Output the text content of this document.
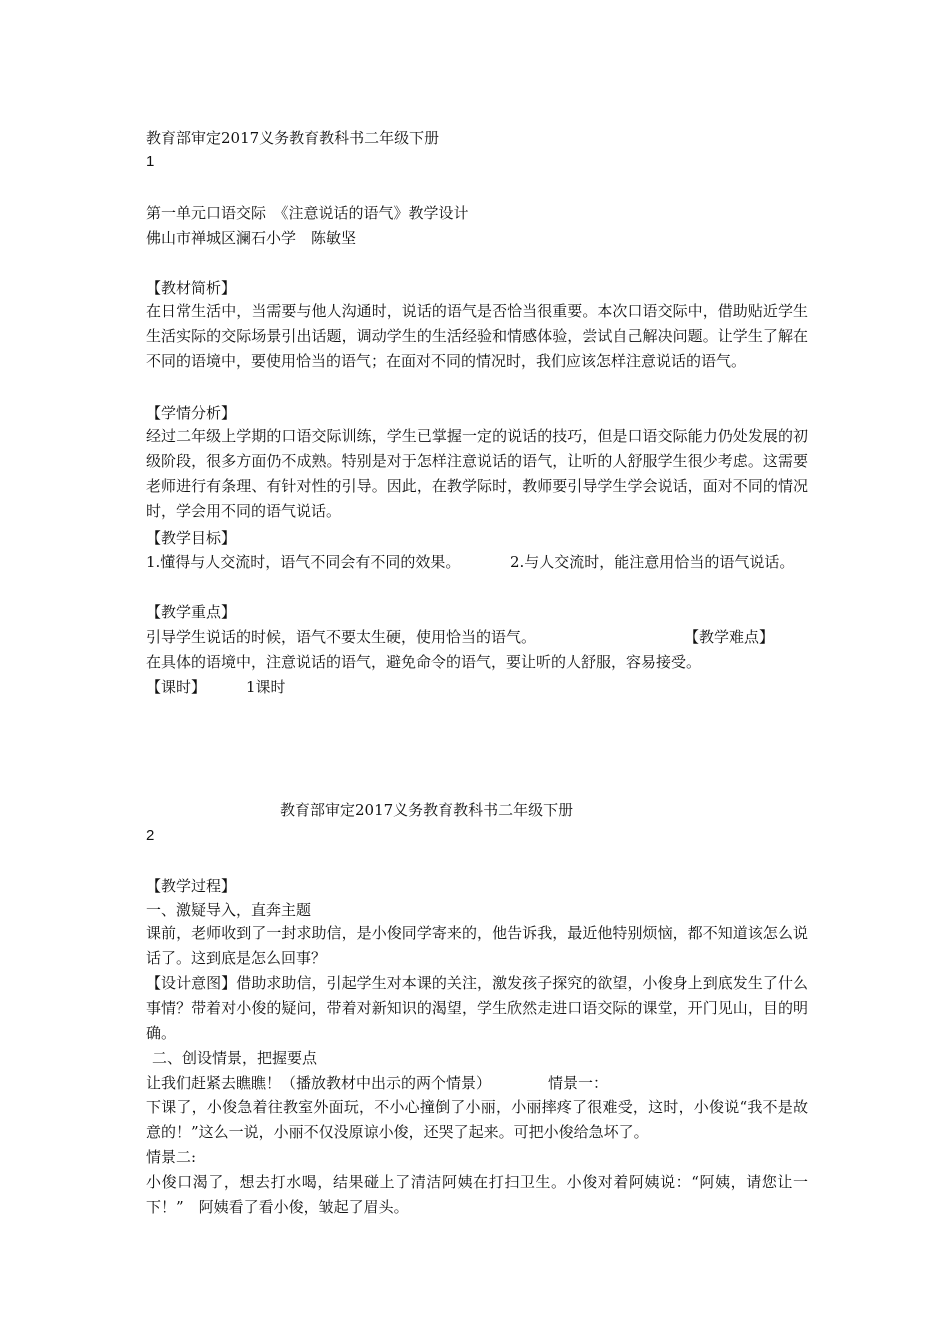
教育部审定2017义务教育教科书二年级下册
1
第一单元口语交际　《注意说话的语气》教学设计
佛山市禅城区澜石小学　陈敏坚
【教材简析】
在日常生活中，当需要与他人沟通时，说话的语气是否恰当很重要。本次口语交际中，借助贴近学生生活实际的交际场景引出话题，调动学生的生活经验和情感体验，尝试自己解决问题。让学生了解在不同的语境中，要使用恰当的语气；在面对不同的情况时，我们应该怎样注意说话的语气。
【学情分析】
经过二年级上学期的口语交际训练，学生已掌握一定的说话的技巧，但是口语交际能力仍处发展的初级阶段，很多方面仍不成熟。特别是对于怎样注意说话的语气，让听的人舒服学生很少考虑。这需要老师进行有条理、有针对性的引导。因此，在教学际时，教师要引导学生学会说话，面对不同的情况时，学会用不同的语气说话。
【教学目标】
1.懂得与人交流时，语气不同会有不同的效果。	2.与人交流时，能注意用恰当的语气说话。
【教学重点】
引导学生说话的时候，语气不要太生硬，使用恰当的语气。	【教学难点】
在具体的语境中，注意说话的语气，避免命令的语气，要让听的人舒服，容易接受。
【课时】	1课时
教育部审定2017义务教育教科书二年级下册
2
【教学过程】
一、激疑导入，直奔主题
课前，老师收到了一封求助信，是小俊同学寄来的，他告诉我，最近他特别烦恼，都不知道该怎么说话了。这到底是怎么回事？
【设计意图】借助求助信，引起学生对本课的关注，激发孩子探究的欲望，小俊身上到底发生了什么事情？带着对小俊的疑问，带着对新知识的渴望，学生欣然走进口语交际的课堂，开门见山，目的明确。
二、创设情景，把握要点
让我们赶紧去瞧瞧！（播放教材中出示的两个情景）	情景一：
下课了，小俊急着往教室外面玩，不小心撞倒了小丽，小丽摔疼了很难受，这时，小俊说“我不是故意的！”这么一说，小丽不仅没原谅小俊，还哭了起来。可把小俊给急坏了。
情景二:
小俊口渴了，想去打水喝，结果碰上了清洁阿姨在打扫卫生。小俊对着阿姨说：“阿姨，请您让一下！”　阿姨看了看小俊，皱起了眉头。
